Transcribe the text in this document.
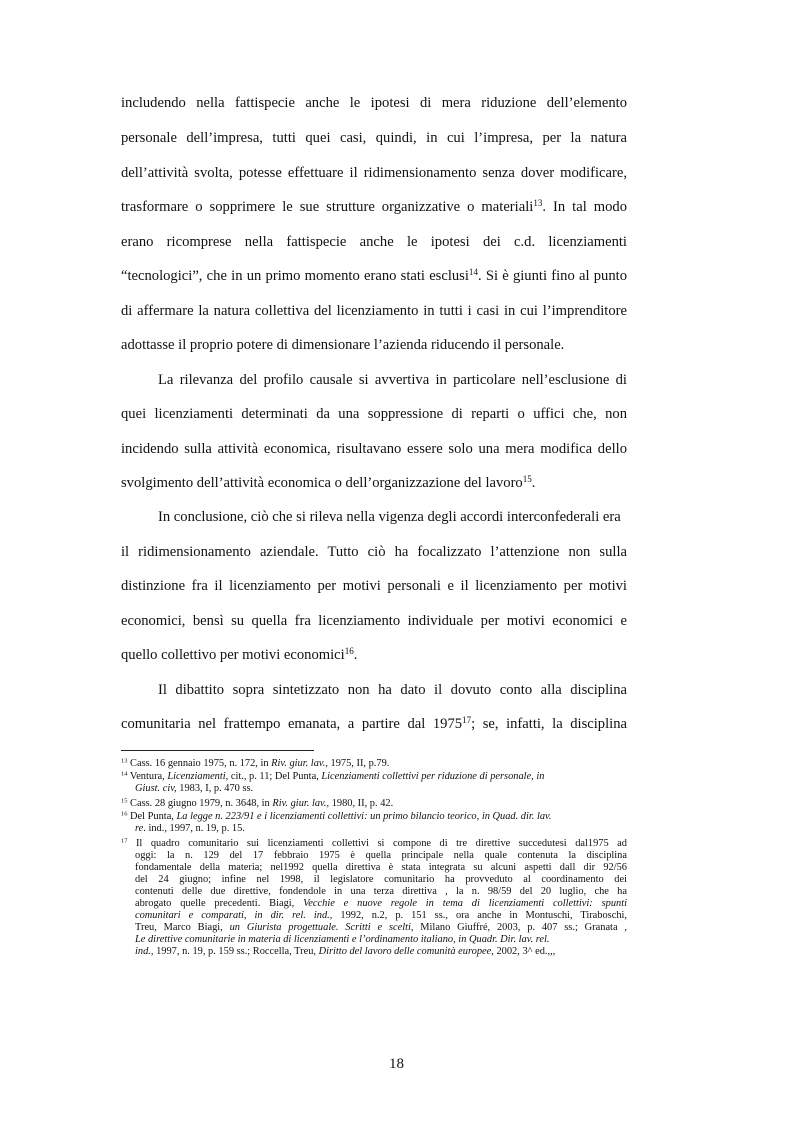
includendo nella fattispecie anche le ipotesi di mera riduzione dell’elemento
personale dell’impresa, tutti quei casi, quindi, in cui l’impresa, per la natura
dell’attività svolta, potesse effettuare il ridimensionamento senza dover modificare,
trasformare o sopprimere le sue strutture organizzative o materiali$^{13}$. In tal modo
erano ricomprese nella fattispecie anche le ipotesi dei c.d. licenziamenti
“tecnologici”, che in un primo momento erano stati esclusi$^{14}$. Si è giunti fino al punto
di affermare la natura collettiva del licenziamento in tutti i casi in cui l’imprenditore
adottasse il proprio potere di dimensionare l’azienda riducendo il personale.
La rilevanza del profilo causale si avvertiva in particolare nell’esclusione di
quei licenziamenti determinati da una soppressione di reparti o uffici che, non
incidendo sulla attività economica, risultavano essere solo una mera modifica dello
svolgimento dell’attività economica o dell’organizzazione del lavoro$^{15}$.
In conclusione, ciò che si rileva nella vigenza degli accordi interconfederali era
il ridimensionamento aziendale. Tutto ciò ha focalizzato l’attenzione non sulla
distinzione fra il licenziamento per motivi personali e il licenziamento per motivi
economici, bensì su quella fra licenziamento individuale per motivi economici e
quello collettivo per motivi economici$^{16}$.
Il dibattito sopra sintetizzato non ha dato il dovuto conto alla disciplina
comunitaria nel frattempo emanata, a partire dal 1975$^{17}$; se, infatti, la disciplina
$^{13}$ Cass. 16 gennaio 1975, n. 172, in Riv. giur. lav., 1975, II, p.79.
$^{14}$ Ventura, Licenziamenti, cit., p. 11; Del Punta, Licenziamenti collettivi per riduzione di personale, in
Giust. civ, 1983, I, p. 470 ss.
$^{15}$ Cass. 28 giugno 1979, n. 3648, in Riv. giur. lav., 1980, II, p. 42.
$^{16}$ Del Punta, La legge n. 223/91 e i licenziamenti collettivi: un primo bilancio teorico, in Quad. dir. lav.
re. ind., 1997, n. 19, p. 15.
$^{17}$ Il quadro comunitario sui licenziamenti collettivi si compone di tre direttive succedutesi dal1975 ad
oggi: la n. 129 del 17 febbraio 1975 è quella principale nella quale contenuta la disciplina
fondamentale della materia; nel1992 quella direttiva è stata integrata su alcuni aspetti dall dir 92/56
del 24 giugno; infine nel 1998, il legislatore comunitario ha provveduto al coordinamento dei
contenuti delle due direttive, fondendole in una terza direttiva , la n. 98/59 del 20 luglio, che ha
abrogato quelle precedenti. Biagi, Vecchie e nuove regole in tema di licenziamenti collettivi: spunti
comunitari e comparati, in dir. rel. ind., 1992, n.2, p. 151 ss., ora anche in Montuschi, Tiraboschi,
Treu, Marco Biagi, un Giurista progettuale. Scritti e scelti, Milano Giuffré, 2003, p. 407 ss.; Granata ,
Le direttive comunitarie in materia di licenziamenti e l’ordinamento italiano, in Quadr. Dir. lav. rel.
ind., 1997, n. 19, p. 159 ss.; Roccella, Treu, Diritto del lavoro delle comunità europee, 2002, 3^ ed.,,,
18
